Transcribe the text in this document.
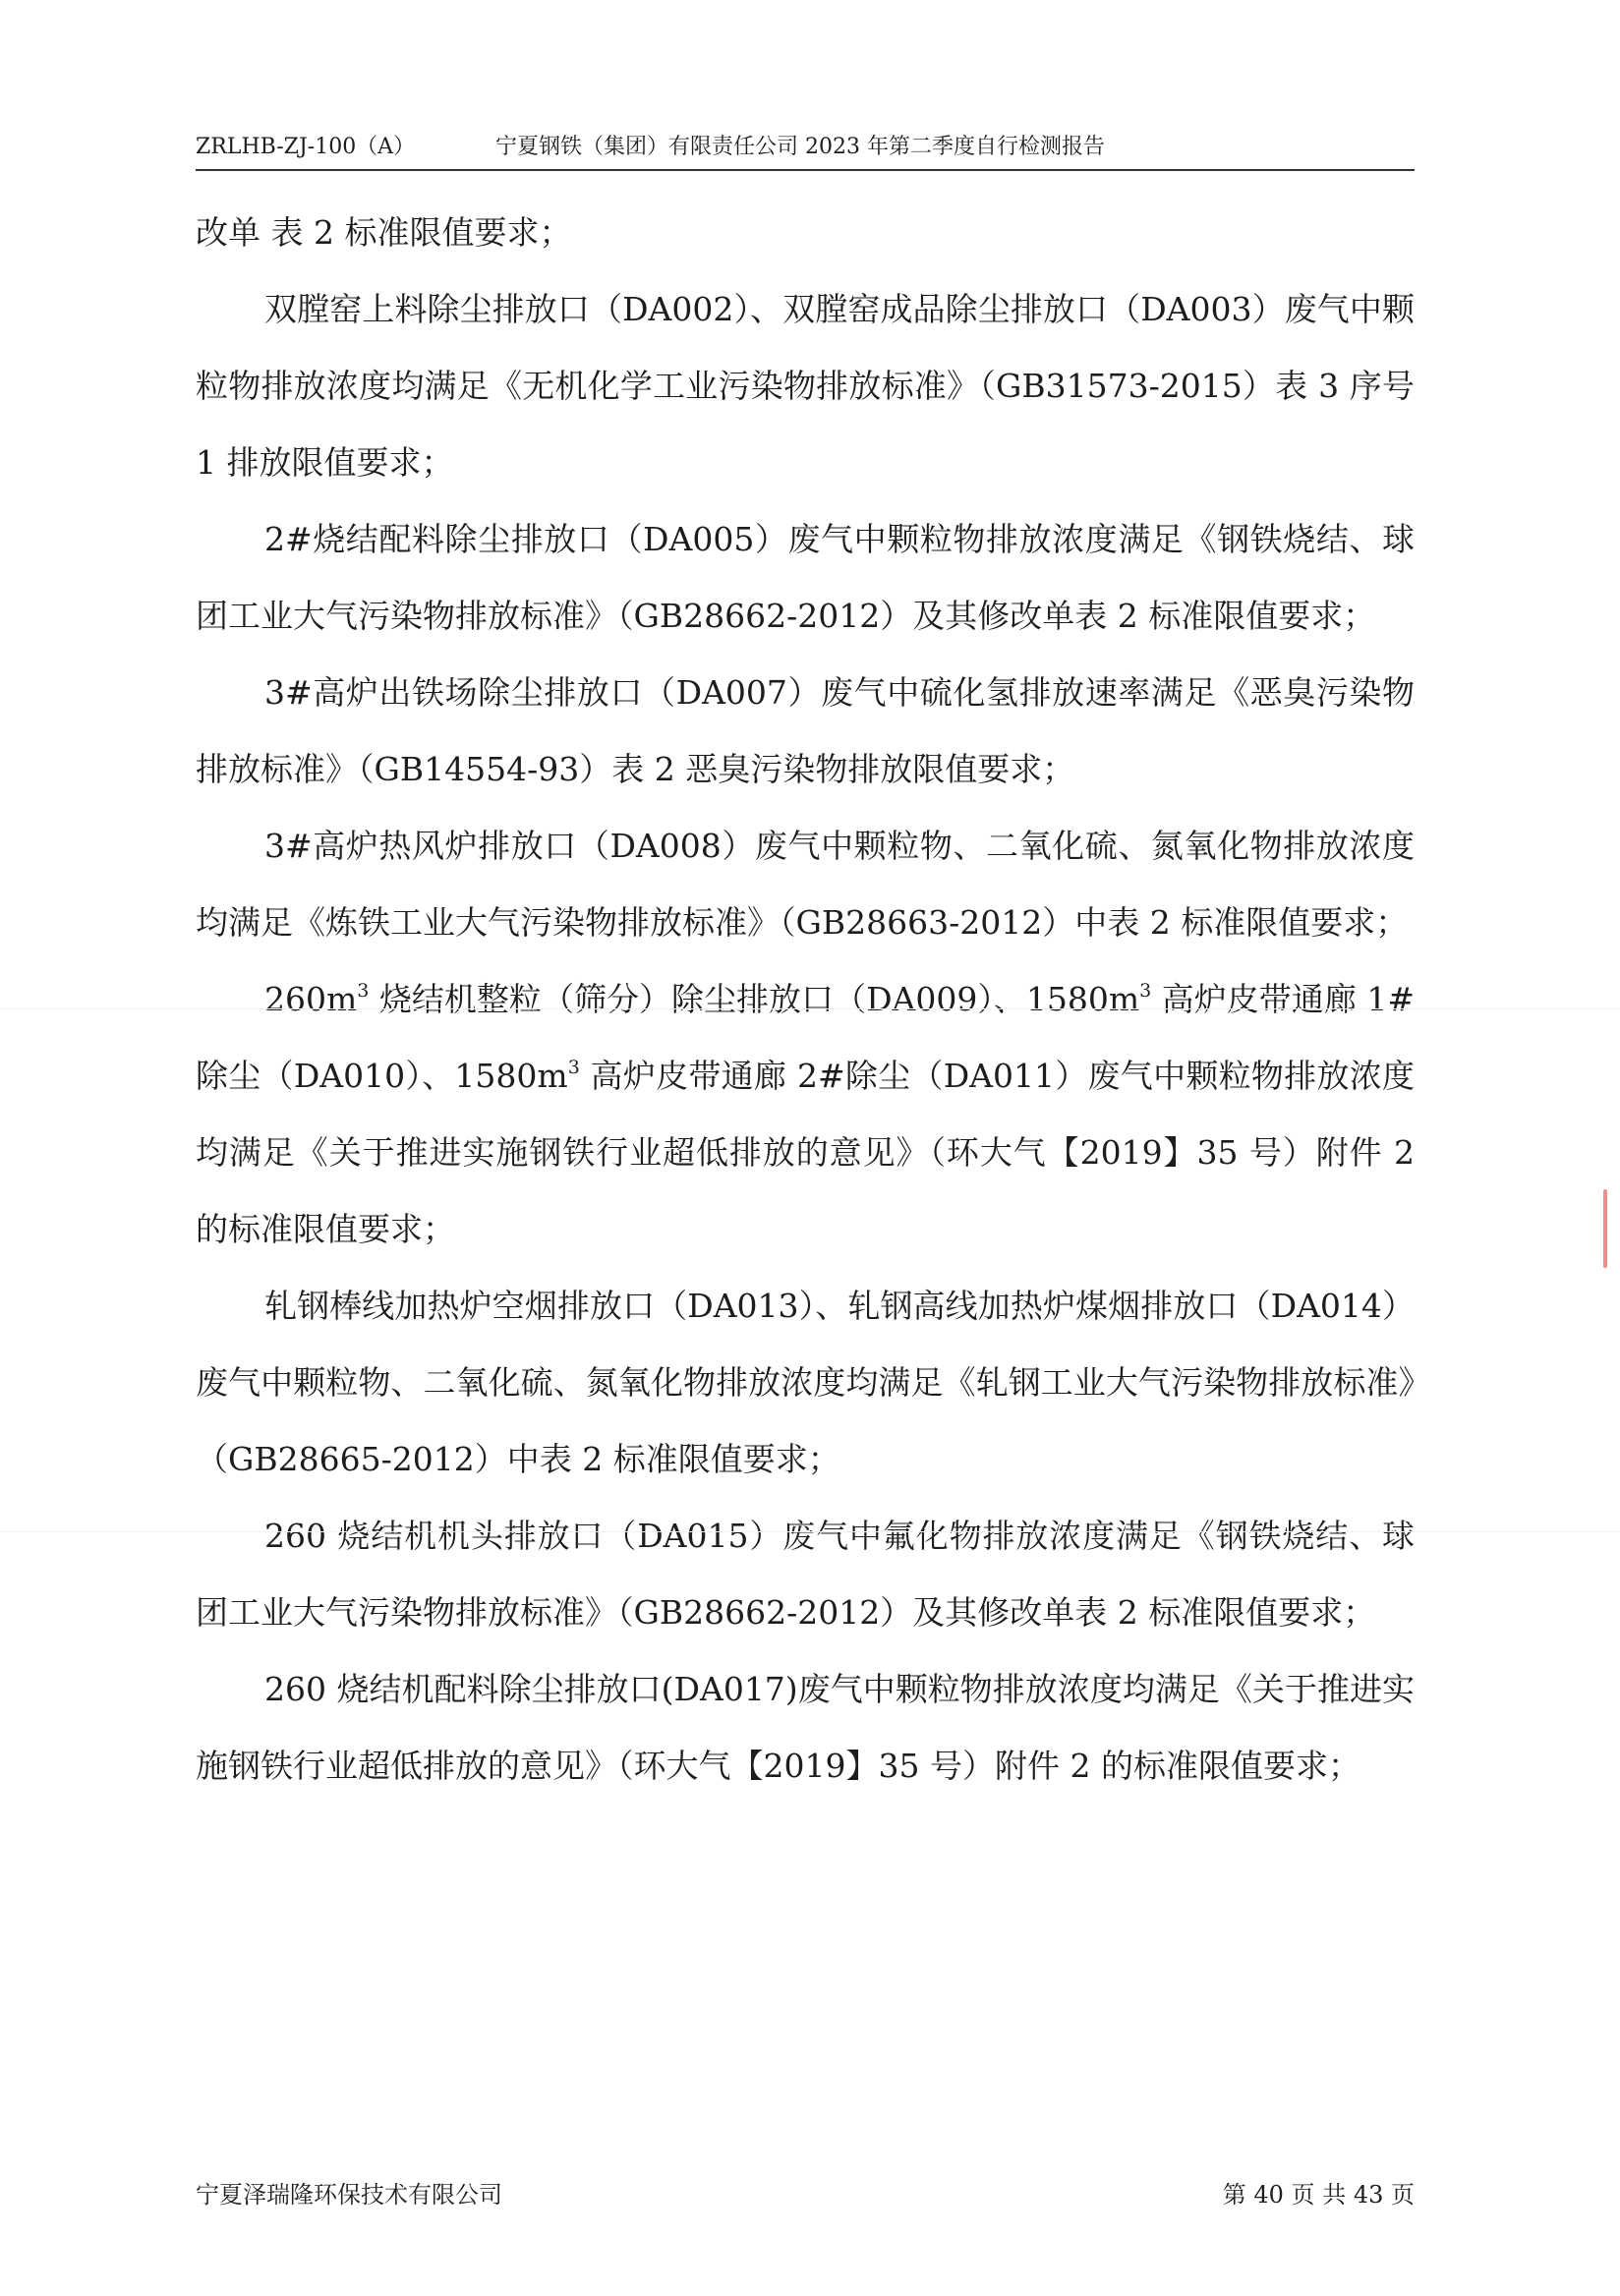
ZRLHB-ZJ-100（A）	宁夏钢铁（集团）有限责任公司 2023 年第二季度自行检测报告

改单 表 2 标准限值要求；

双膛窑上料除尘排放口（DA002）、双膛窑成品除尘排放口（DA003）废气中颗粒物排放浓度均满足《无机化学工业污染物排放标准》（GB31573-2015）表 3 序号 1 排放限值要求；

2#烧结配料除尘排放口（DA005）废气中颗粒物排放浓度满足《钢铁烧结、球团工业大气污染物排放标准》（GB28662-2012）及其修改单表 2 标准限值要求；

3#高炉出铁场除尘排放口（DA007）废气中硫化氢排放速率满足《恶臭污染物排放标准》（GB14554-93）表 2 恶臭污染物排放限值要求；

3#高炉热风炉排放口（DA008）废气中颗粒物、二氧化硫、氮氧化物排放浓度均满足《炼铁工业大气污染物排放标准》（GB28663-2012）中表 2 标准限值要求；

$260m^3$ 烧结机整粒（筛分）除尘排放口（DA009）、$1580m^3$ 高炉皮带通廊 1#除尘（DA010）、$1580m^3$ 高炉皮带通廊 2#除尘（DA011）废气中颗粒物排放浓度均满足《关于推进实施钢铁行业超低排放的意见》（环大气【2019】35 号）附件 2 的标准限值要求；

轧钢棒线加热炉空烟排放口（DA013）、轧钢高线加热炉煤烟排放口（DA014）废气中颗粒物、二氧化硫、氮氧化物排放浓度均满足《轧钢工业大气污染物排放标准》（GB28665-2012）中表 2 标准限值要求；

260 烧结机机头排放口（DA015）废气中氟化物排放浓度满足《钢铁烧结、球团工业大气污染物排放标准》（GB28662-2012）及其修改单表 2 标准限值要求；

260 烧结机配料除尘排放口(DA017)废气中颗粒物排放浓度均满足《关于推进实施钢铁行业超低排放的意见》（环大气【2019】35 号）附件 2 的标准限值要求；

宁夏泽瑞隆环保技术有限公司	第 40 页 共 43 页
